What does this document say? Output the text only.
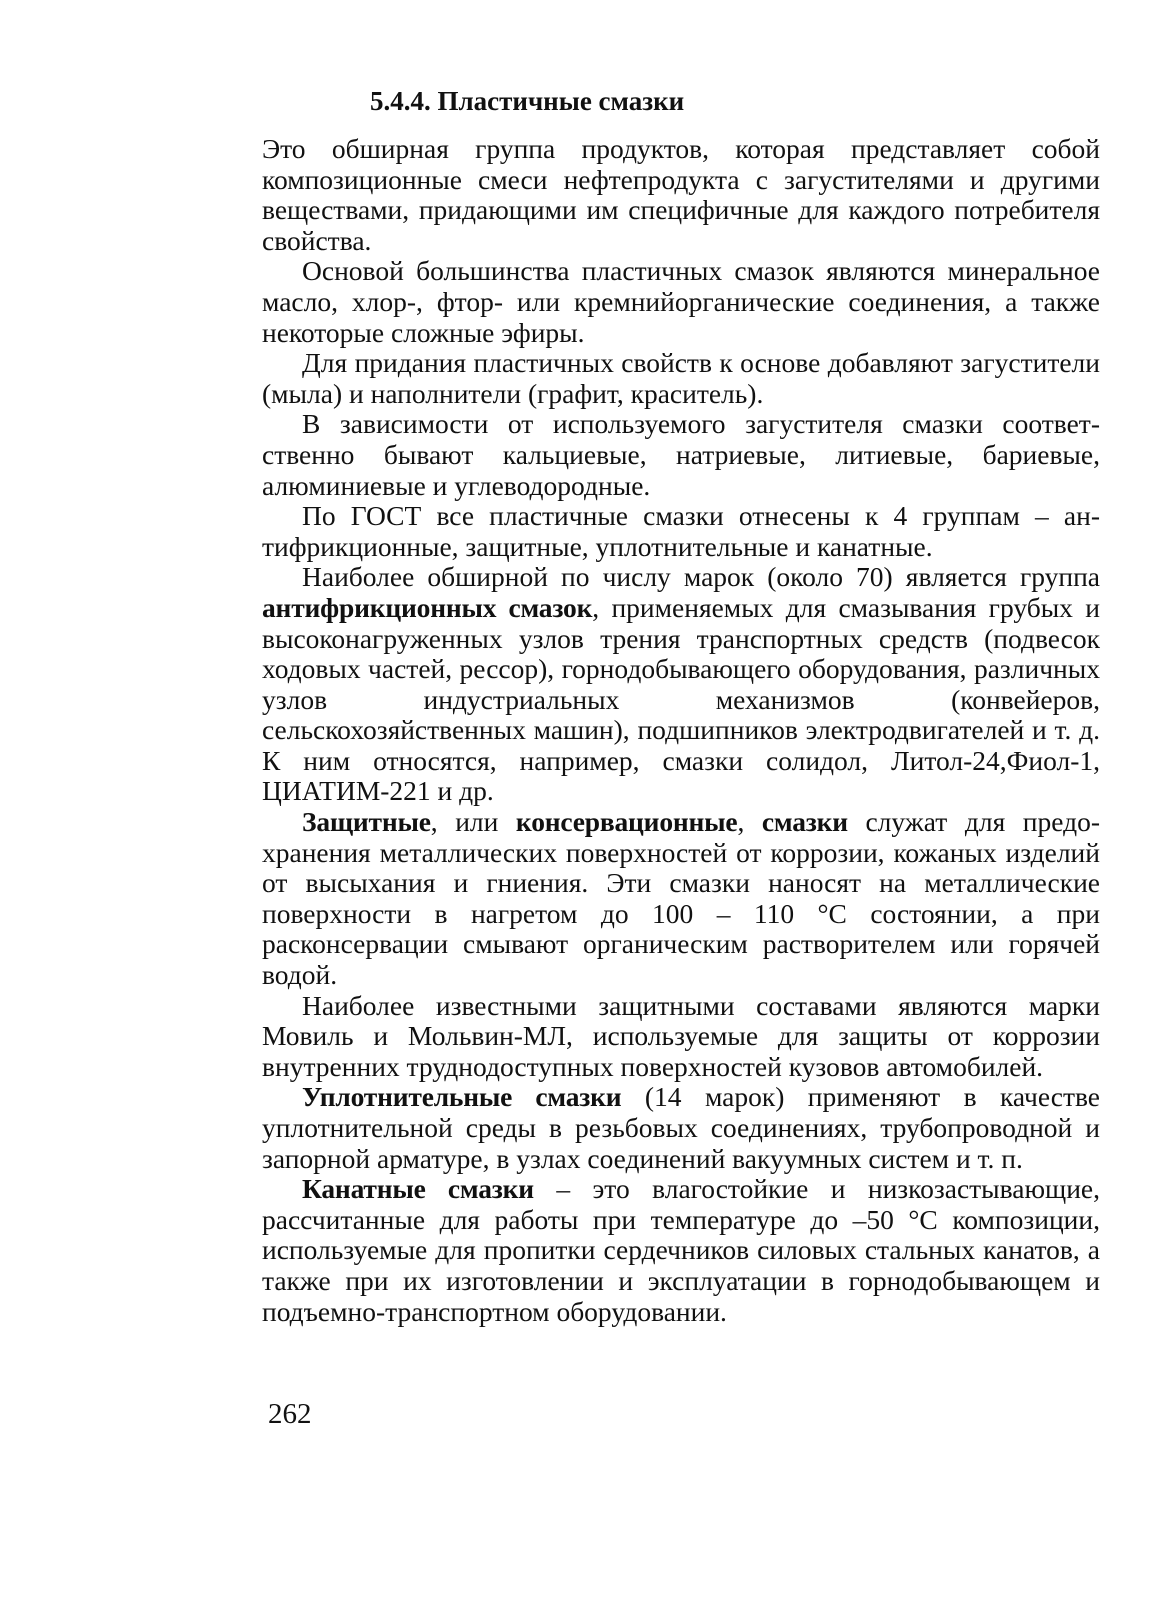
5.4.4. Пластичные смазки

Это обширная группа продуктов, которая представляет собой композиционные смеси нефтепродукта с загустителями и другими веществами, придающими им специфичные для каждого потребителя свойства.

Основой большинства пластичных смазок являются минеральное масло, хлор-, фтор- или кремнийорганические соединения, а также некоторые сложные эфиры.

Для придания пластичных свойств к основе добавляют загустители (мыла) и наполнители (графит, краситель).

В зависимости от используемого загустителя смазки соответственно бывают кальциевые, натриевые, литиевые, бариевые, алюминиевые и углеводородные.

По ГОСТ все пластичные смазки отнесены к 4 группам – антифрикционные, защитные, уплотнительные и канатные.

Наиболее обширной по числу марок (около 70) является группа антифрикционных смазок, применяемых для смазывания грубых и высоконагруженных узлов трения транспортных средств (подвесок ходовых частей, рессор), горнодобывающего оборудования, различных узлов индустриальных механизмов (конвейеров, сельскохозяйственных машин), подшипников электродвигателей и т. д. К ним относятся, например, смазки солидол, Литол-24,Фиол-1, ЦИАТИМ-221 и др.

Защитные, или консервационные, смазки служат для предохранения металлических поверхностей от коррозии, кожаных изделий от высыхания и гниения. Эти смазки наносят на металлические поверхности в нагретом до 100 – 110 °С состоянии, а при расконсервации смывают органическим растворителем или горячей водой.

Наиболее известными защитными составами являются марки Мовиль и Мольвин-МЛ, используемые для защиты от коррозии внутренних труднодоступных поверхностей кузовов автомобилей.

Уплотнительные смазки (14 марок) применяют в качестве уплотнительной среды в резьбовых соединениях, трубопроводной и запорной арматуре, в узлах соединений вакуумных систем и т. п.

Канатные смазки – это влагостойкие и низкозастывающие, рассчитанные для работы при температуре до –50 °С композиции, используемые для пропитки сердечников силовых стальных канатов, а также при их изготовлении и эксплуатации в горнодобывающем и подъемно-транспортном оборудовании.

262
